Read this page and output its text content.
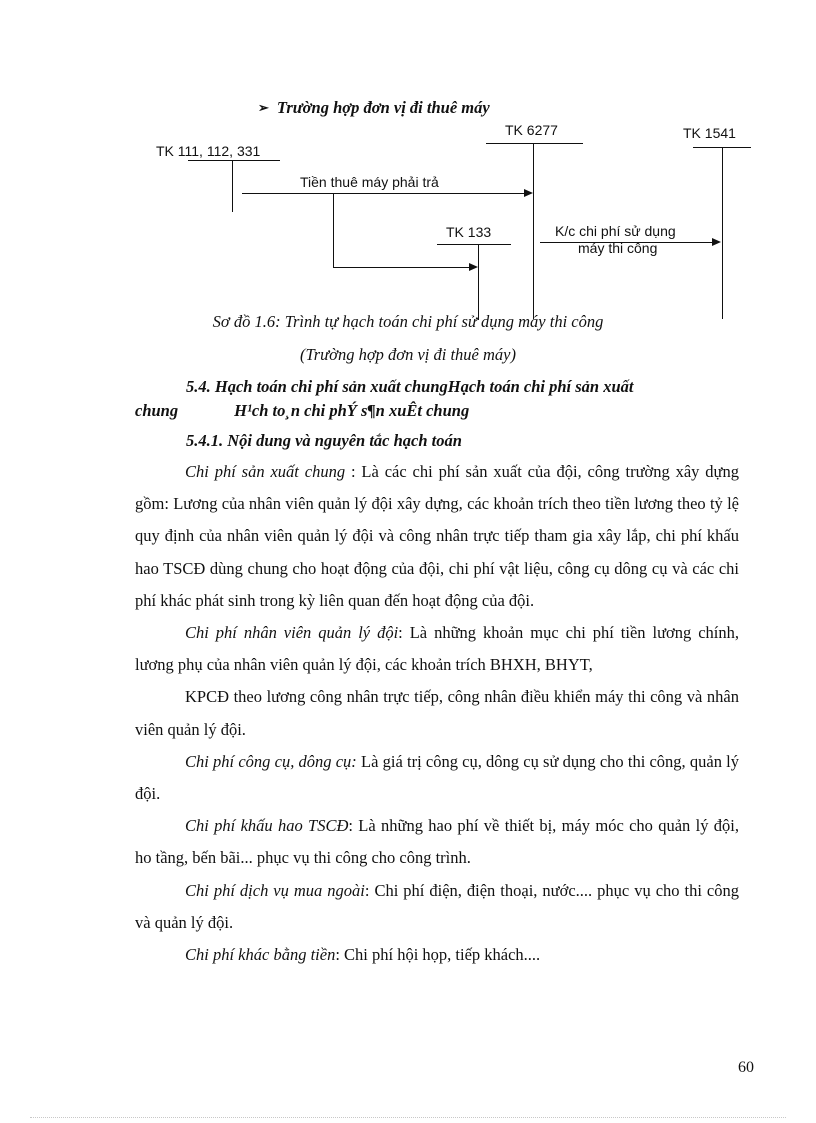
➢ Trường hợp đơn vị đi thuê máy
TK 111, 112, 331
TK 6277	TK 1541
TK 133
Tiền thuê máy phải trả
K/c chi phí sử dụng
máy thi công
Sơ đồ 1.6: Trình tự hạch toán chi phí sử dụng máy thi công
(Trường hợp đơn vị đi thuê máy)
5.4. Hạch toán chi phí sản xuất chungHạch toán chi phí sản xuất
chung	H¹ch to¸n chi phÝ s¶n xuÊt chung
5.4.1. Nội dung và nguyên tắc hạch toán

Chi phí sản xuất chung : Là các chi phí sản xuất của đội, công trường xây dựng gồm: Lương của nhân viên quản lý đội xây dựng, các khoản trích theo tiền lương theo tỷ lệ quy định của nhân viên quản lý đội và công nhân trực tiếp tham gia xây lắp, chi phí khấu hao TSCĐ dùng chung cho hoạt động của đội, chi phí vật liệu, công cụ dông cụ và các chi phí khác phát sinh trong kỳ liên quan đến hoạt động của đội.

Chi phí nhân viên quản lý đội: Là những khoản mục chi phí tiền lương chính, lương phụ của nhân viên quản lý đội, các khoản trích BHXH, BHYT,

KPCĐ theo lương công nhân trực tiếp, công nhân điều khiển máy thi công và nhân viên quản lý đội.

Chi phí công cụ, dông cụ: Là giá trị công cụ, dông cụ sử dụng cho thi công, quản lý đội.

Chi phí khấu hao TSCĐ: Là những hao phí về thiết bị, máy móc cho quản lý đội, ho tầng, bến bãi... phục vụ thi công cho công trình.

Chi phí dịch vụ mua ngoài: Chi phí điện, điện thoại, nước.... phục vụ cho thi công và quản lý đội.

Chi phí khác bằng tiền: Chi phí hội họp, tiếp khách....

60
